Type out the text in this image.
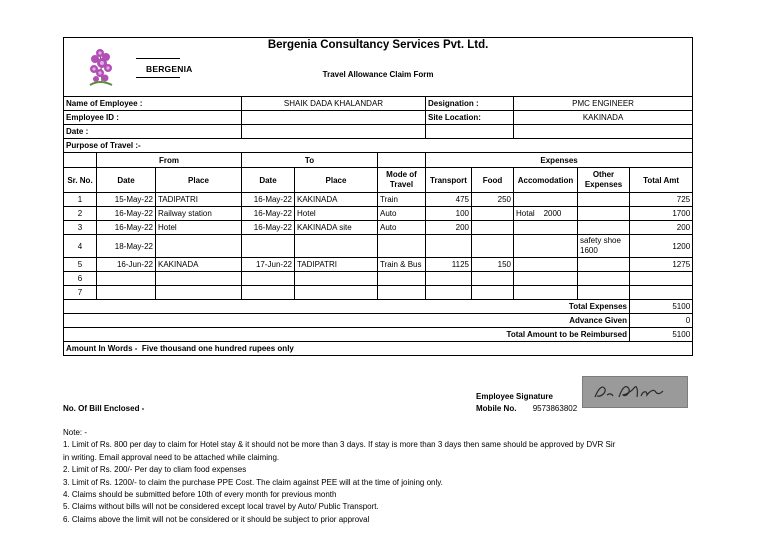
BERGENIA
Bergenia Consultancy Services Pvt. Ltd.
Travel Allowance Claim Form										

Name of Employee :			SHAIK DADA KHALANDAR			Designation :		PMC ENGINEER		
Employee ID :						Site Location:		KAKINADA		
Date :										
Purpose of Travel :-										
	From		To			Expenses				
Sr. No.	Date	Place	Date	Place	Mode of Travel	Transport	Food	Accomodation	Other Expenses	Total Amt
1	15-May-22	TADIPATRI	16-May-22	KAKINADA	Train	475	250			725
2	16-May-22	Railway station	16-May-22	Hotel	Auto	100		Hotal    2000		1700
3	16-May-22	Hotel	16-May-22	KAKINADA site	Auto	200				200
4	18-May-22								safety shoe 1600	1200
5	16-Jun-22	KAKINADA	17-Jun-22	TADIPATRI	Train & Bus	1125	150			1275
6										
7										
Total Expenses										5100
Advance Given										0
Total Amount to be Reimbursed										5100
Amount In Words -  Five thousand one hundred rupees only										
Employee Signature
No. Of Bill Enclosed -	Mobile No. 9573863802
Note: -
1. Limit of Rs. 800 per day to claim for Hotel stay & it should not be more than 3 days. If stay is more than 3 days then same should be approved by DVR Sir
in writing. Email approval need to be attached while claiming.
2. Limit of Rs. 200/- Per day to cliam food expenses
3. Limit of Rs. 1200/- to claim the purchase PPE Cost. The claim against PEE will at the time of joining only.
4. Claims should be submitted before 10th of every month for previous month
5. Claims without bills will not be considered except local travel by Auto/ Public Transport.
6. Claims above the limit will not be considered or it should be subject to prior approval
